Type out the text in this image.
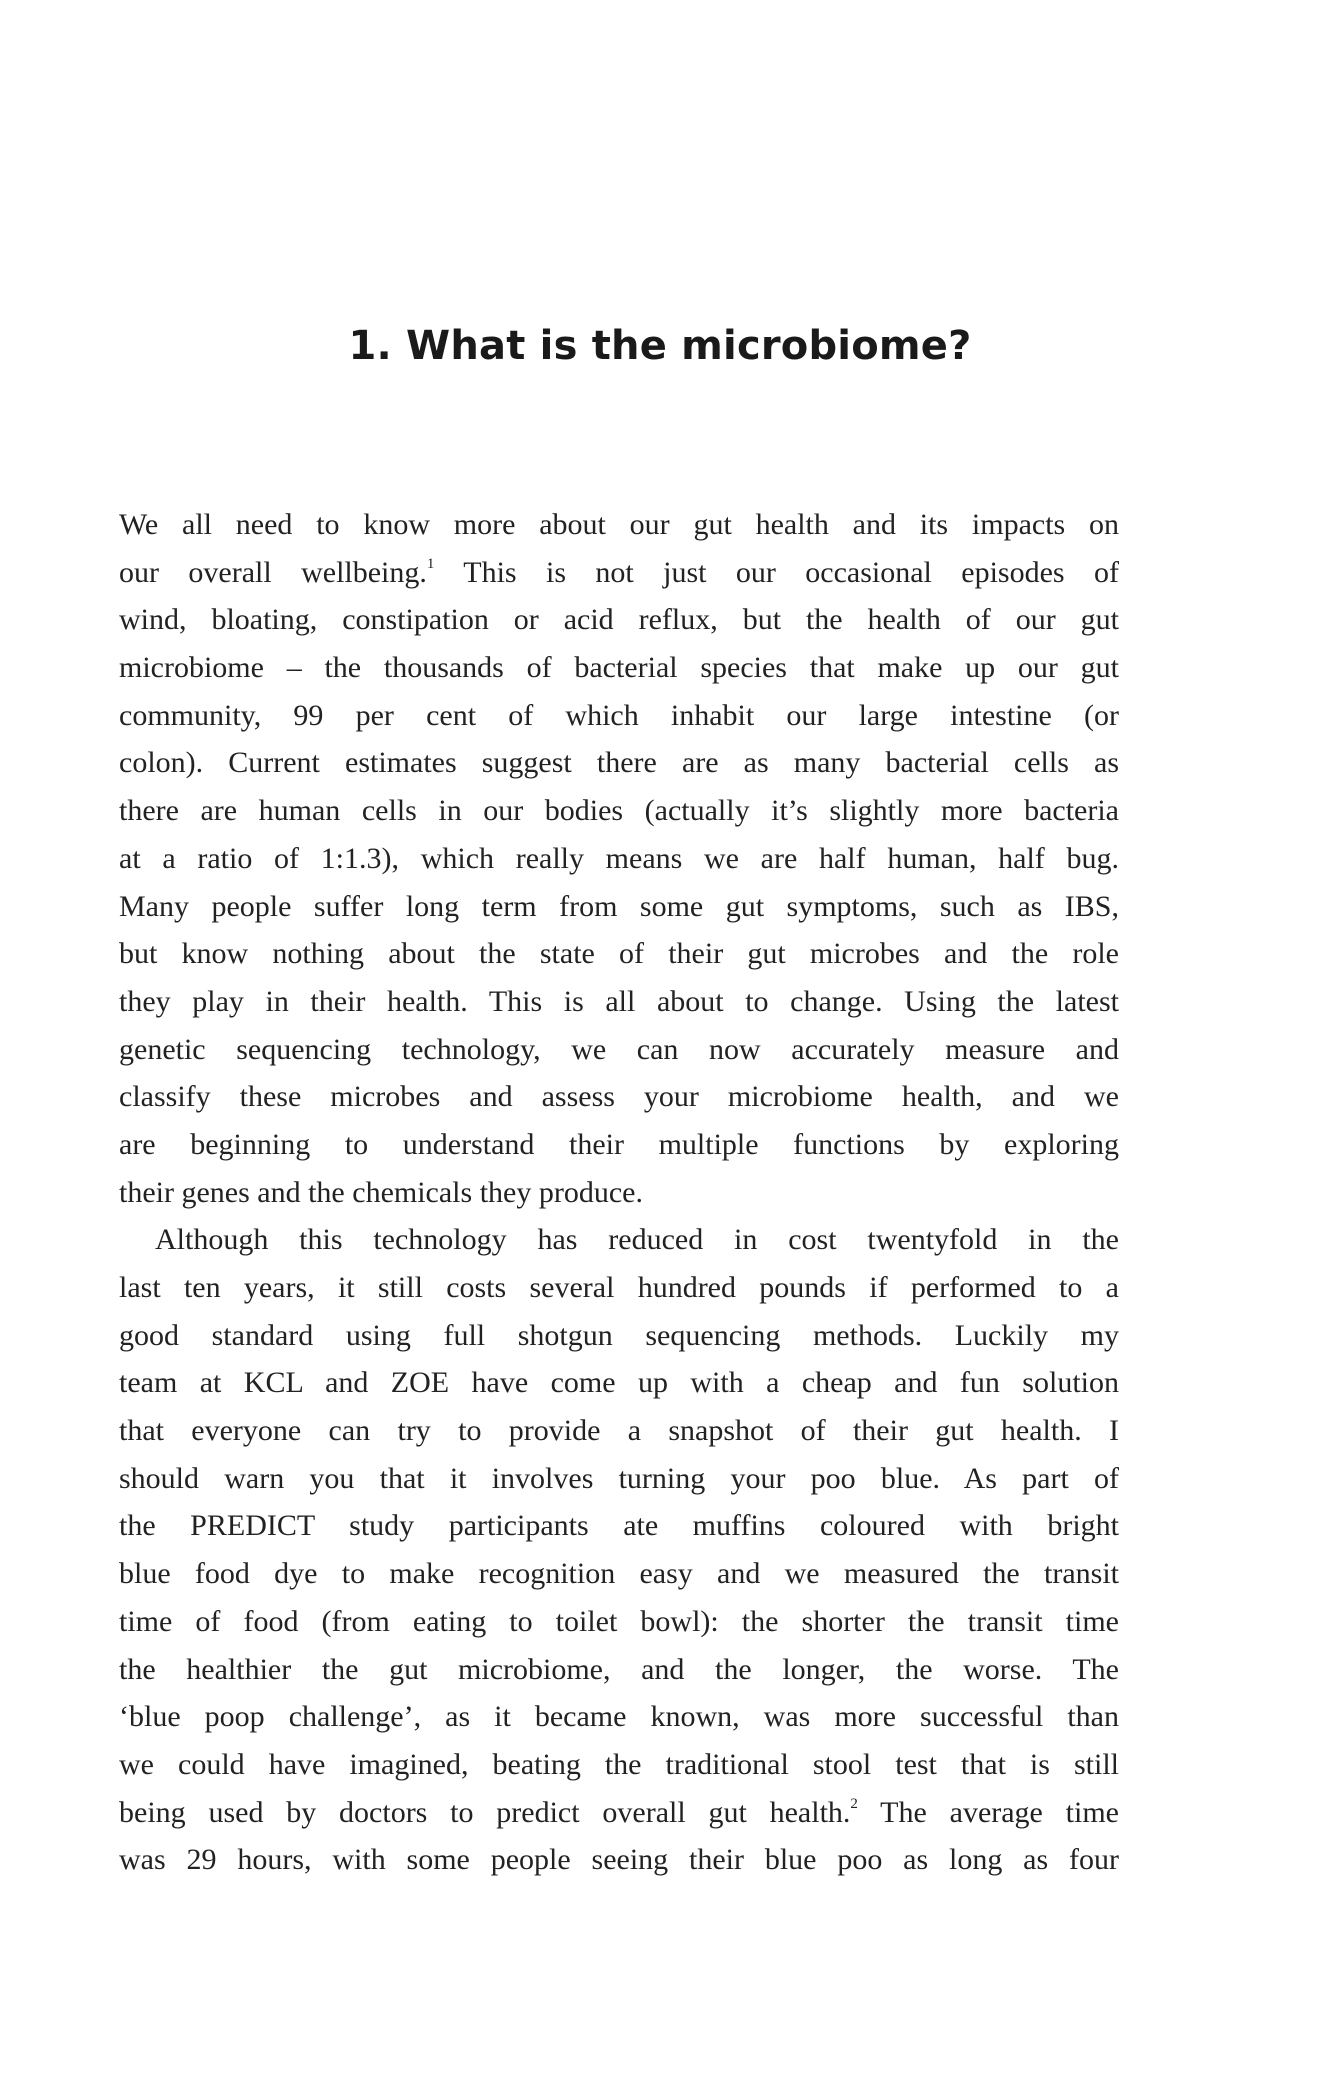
1. What is the microbiome?
We all need to know more about our gut health and its impacts on
our overall wellbeing.$^1$ This is not just our occasional episodes of
wind, bloating, constipation or acid reflux, but the health of our gut
microbiome – the thousands of bacterial species that make up our gut
community, 99 per cent of which inhabit our large intestine (or
colon). Current estimates suggest there are as many bacterial cells as
there are human cells in our bodies (actually it’s slightly more bacteria
at a ratio of 1:1.3), which really means we are half human, half bug.
Many people suffer long term from some gut symptoms, such as IBS,
but know nothing about the state of their gut microbes and the role
they play in their health. This is all about to change. Using the latest
genetic sequencing technology, we can now accurately measure and
classify these microbes and assess your microbiome health, and we
are beginning to understand their multiple functions by exploring
their genes and the chemicals they produce.
Although this technology has reduced in cost twentyfold in the
last ten years, it still costs several hundred pounds if performed to a
good standard using full shotgun sequencing methods. Luckily my
team at KCL and ZOE have come up with a cheap and fun solution
that everyone can try to provide a snapshot of their gut health. I
should warn you that it involves turning your poo blue. As part of
the PREDICT study participants ate muffins coloured with bright
blue food dye to make recognition easy and we measured the transit
time of food (from eating to toilet bowl): the shorter the transit time
the healthier the gut microbiome, and the longer, the worse. The
‘blue poop challenge’, as it became known, was more successful than
we could have imagined, beating the traditional stool test that is still
being used by doctors to predict overall gut health.$^2$ The average time
was 29 hours, with some people seeing their blue poo as long as four
